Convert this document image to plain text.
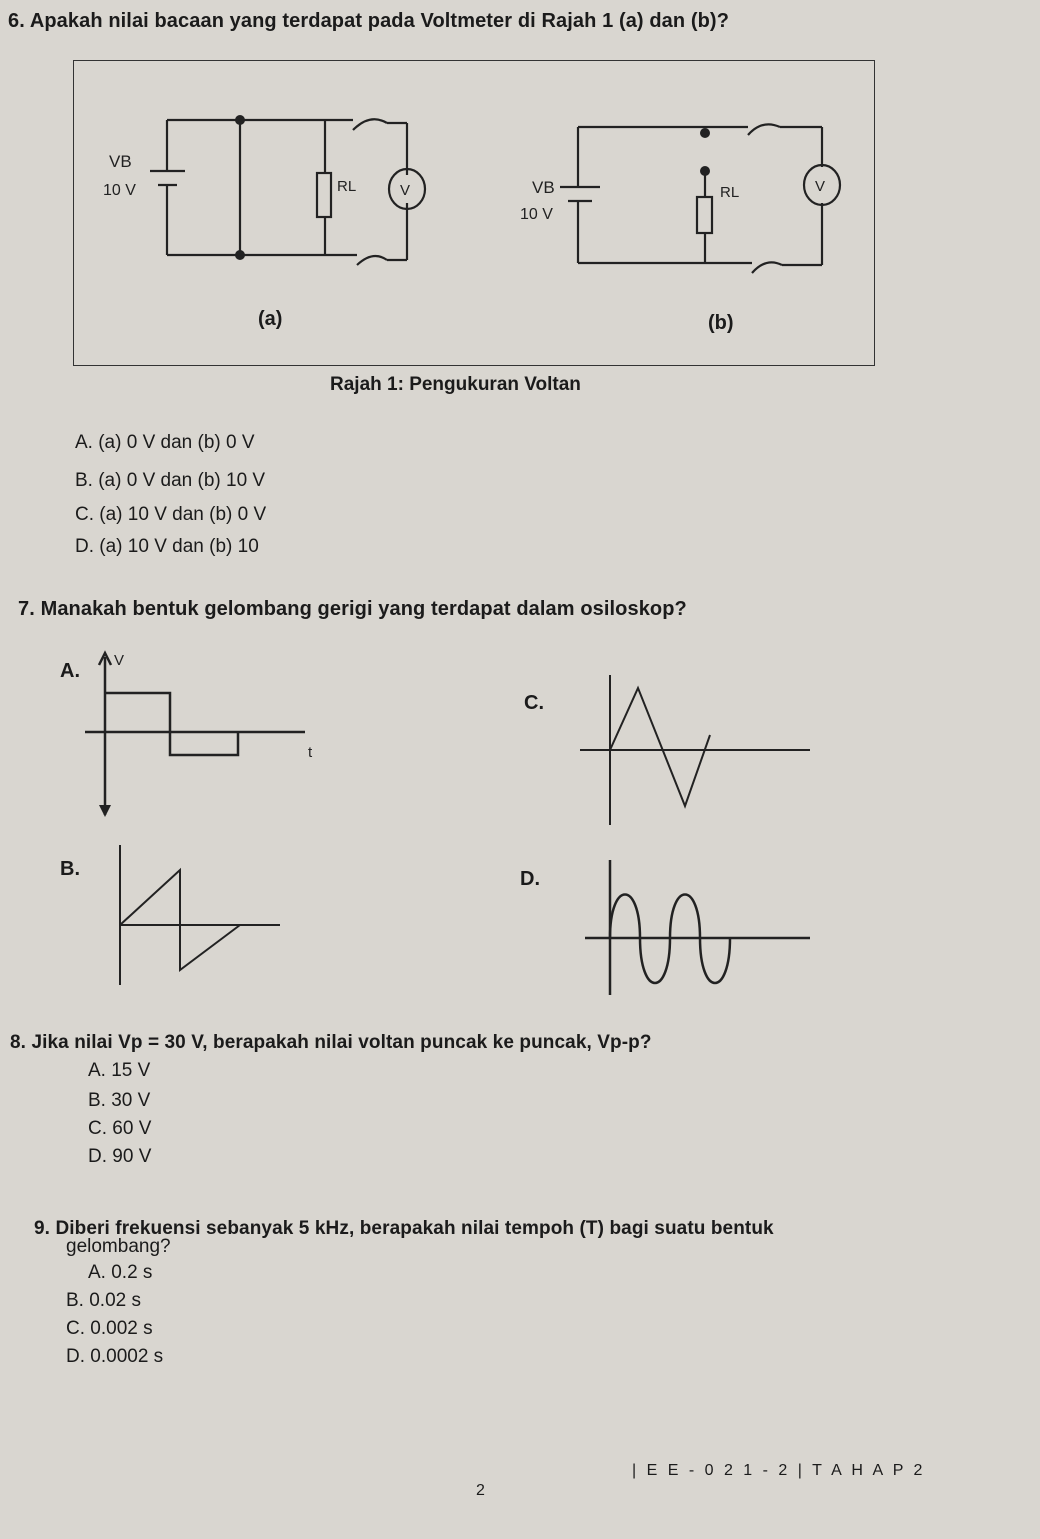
6. Apakah nilai bacaan yang terdapat pada Voltmeter di Rajah 1 (a) dan (b)?
VB
10 V	RL	V	VB
10 V
RL	V
(a)	(b)
Rajah 1: Pengukuran Voltan
A. (a) 0 V dan (b) 0 V
B. (a) 0 V dan (b) 10 V
C. (a) 10 V dan (b) 0 V
D. (a) 10 V dan (b) 10
7. Manakah bentuk gelombang gerigi yang terdapat dalam osiloskop?
A. V
t
C.
B.	D.
8. Jika nilai Vp = 30 V, berapakah nilai voltan puncak ke puncak, Vp-p?
A. 15 V
B. 30 V
C. 60 V
D. 90 V
9. Diberi frekuensi sebanyak 5 kHz, berapakah nilai tempoh (T) bagi suatu bentuk
gelombang?
A. 0.2 s
B. 0.02 s
C. 0.002 s
D. 0.0002 s
| E E - 0 2 1 - 2 | T A H A P 2
2
